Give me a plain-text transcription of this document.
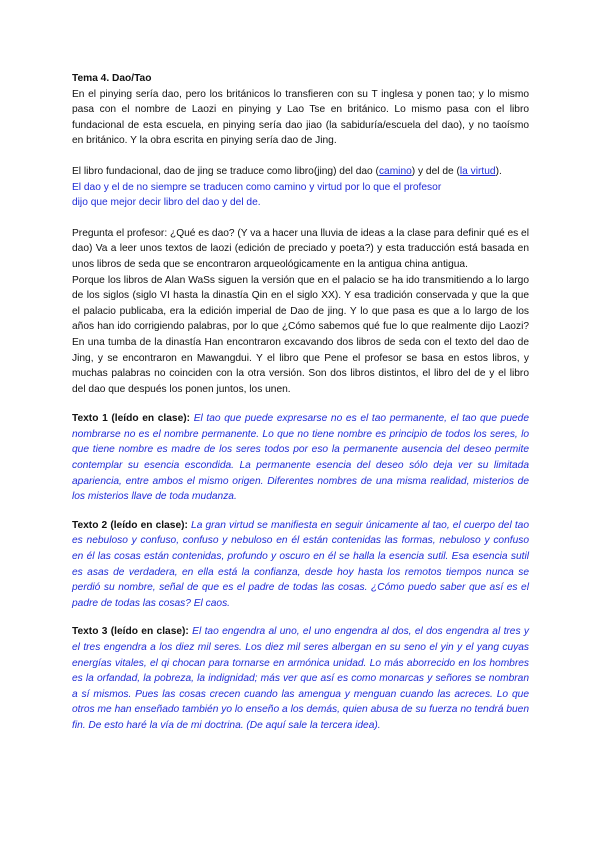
Tema 4. Dao/Tao
En el pinying sería dao, pero los británicos lo transfieren con su T inglesa y ponen tao; y lo mismo pasa con el nombre de Laozi en pinying y Lao Tse en británico. Lo mismo pasa con el libro fundacional de esta escuela, en pinying sería dao jiao (la sabiduría/escuela del dao), y no taoísmo en británico. Y la obra escrita en pinying sería dao de Jing.

El libro fundacional, dao de jing se traduce como libro(jing) del dao (camino) y del de (la virtud).

El dao y el de no siempre se traducen como camino y virtud por lo que el profesor
dijo que mejor decir libro del dao y del de.

Pregunta el profesor: ¿Qué es dao? (Y va a hacer una lluvia de ideas a la clase para definir qué es el dao) Va a leer unos textos de laozi (edición de preciado y poeta?) y esta traducción está basada en unos libros de seda que se encontraron arqueológicamente en la antigua china antigua.

Porque los libros de Alan WaSs siguen la versión que en el palacio se ha ido transmitiendo a lo largo de los siglos (siglo VI hasta la dinastía Qin en el siglo XX). Y esa tradición conservada y que la que el palacio publicaba, era la edición imperial de Dao de jing. Y lo que pasa es que a lo largo de los años han ido corrigiendo palabras, por lo que ¿Cómo sabemos qué fue lo que realmente dijo Laozi? En una tumba de la dinastía Han encontraron excavando dos libros de seda con el texto del dao de Jing, y se encontraron en Mawangdui. Y el libro que Pene el profesor se basa en estos libros, y muchas palabras no coinciden con la otra versión. Son dos libros distintos, el libro del de y el libro del dao que después los ponen juntos, los unen.

Texto 1 (leído en clase): El tao que puede expresarse no es el tao permanente, el tao que puede nombrarse no es el nombre permanente. Lo que no tiene nombre es principio de todos los seres, lo que tiene nombre es madre de los seres todos por eso la permanente ausencia del deseo permite contemplar su esencia escondida. La permanente esencia del deseo sólo deja ver su limitada apariencia, entre ambos el mismo origen. Diferentes nombres de una misma realidad, misterios de los misterios llave de toda mudanza.

Texto 2 (leído en clase): La gran virtud se manifiesta en seguir únicamente al tao, el cuerpo del tao es nebuloso y confuso, confuso y nebuloso en él están contenidas las formas, nebuloso y confuso en él las cosas están contenidas, profundo y oscuro en él se halla la esencia sutil. Esa esencia sutil es asas de verdadera, en ella está la confianza, desde hoy hasta los remotos tiempos nunca se perdió su nombre, señal de que es el padre de todas las cosas. ¿Cómo puedo saber que así es el padre de todas las cosas? El caos.

Texto 3 (leído en clase): El tao engendra al uno, el uno engendra al dos, el dos engendra al tres y el tres engendra a los diez mil seres. Los diez mil seres albergan en su seno el yin y el yang cuyas energías vitales, el qi chocan para tornarse en armónica unidad. Lo más aborrecido en los hombres es la orfandad, la pobreza, la indignidad; más ver que así es como monarcas y señores se nombran a sí mismos. Pues las cosas crecen cuando las amengua y menguan cuando las acreces. Lo que otros me han enseñado también yo lo enseño a los demás, quien abusa de su fuerza no tendrá buen fin. De esto haré la vía de mi doctrina. (De aquí sale la tercera idea).
